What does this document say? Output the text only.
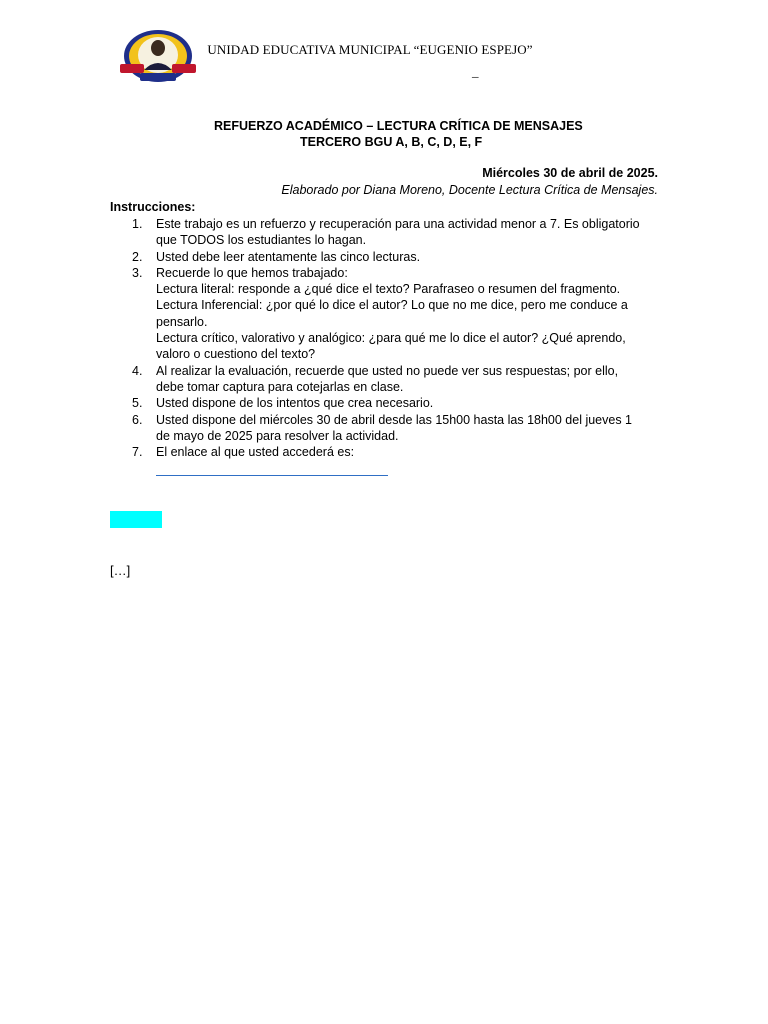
UNIDAD EDUCATIVA MUNICIPAL “EUGENIO ESPEJO”
_
REFUERZO ACADÉMICO – LECTURA CRÍTICA DE MENSAJES
TERCERO BGU A, B, C, D, E, F
Miércoles 30 de abril de 2025.
Elaborado por Diana Moreno, Docente Lectura Crítica de Mensajes.
Instrucciones:
1. Este trabajo es un refuerzo y recuperación para una actividad menor a 7. Es obligatorio
que TODOS los estudiantes lo hagan.
2. Usted debe leer atentamente las cinco lecturas.
3. Recuerde lo que hemos trabajado:
Lectura literal: responde a ¿qué dice el texto? Parafraseo o resumen del fragmento.
Lectura Inferencial: ¿por qué lo dice el autor? Lo que no me dice, pero me conduce a
pensarlo.
Lectura crítico, valorativo y analógico: ¿para qué me lo dice el autor? ¿Qué aprendo,
valoro o cuestiono del texto?
4. Al realizar la evaluación, recuerde que usted no puede ver sus respuestas; por ello,
debe tomar captura para cotejarlas en clase.
5. Usted dispone de los intentos que crea necesario.
6. Usted dispone del miércoles 30 de abril desde las 15h00 hasta las 18h00 del jueves 1
de mayo de 2025 para resolver la actividad.
7. El enlace al que usted accederá es:
[…]
